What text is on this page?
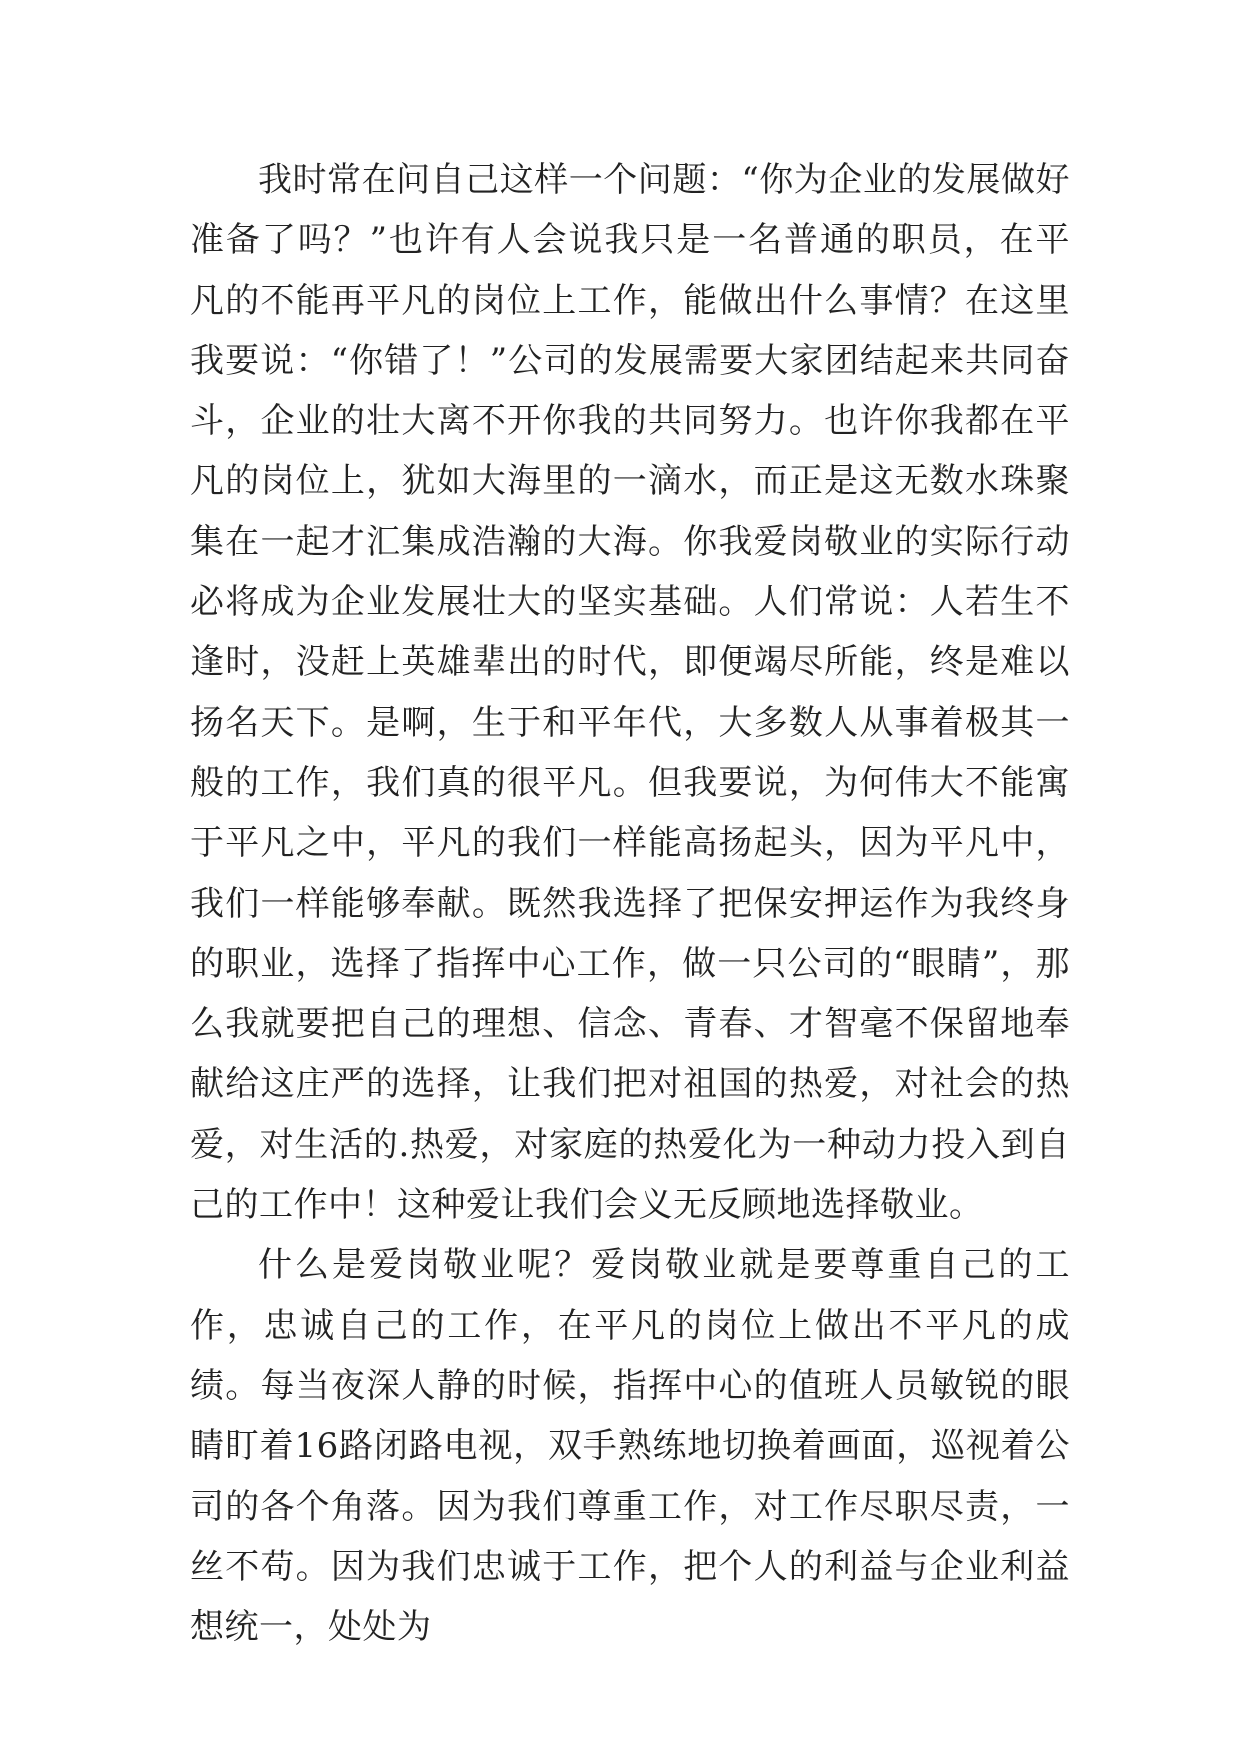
我时常在问自己这样一个问题：“你为企业的发展做好准备了吗？”也许有人会说我只是一名普通的职员，在平凡的不能再平凡的岗位上工作，能做出什么事情？在这里我要说：“你错了！”公司的发展需要大家团结起来共同奋斗，企业的壮大离不开你我的共同努力。也许你我都在平凡的岗位上，犹如大海里的一滴水，而正是这无数水珠聚集在一起才汇集成浩瀚的大海。你我爱岗敬业的实际行动必将成为企业发展壮大的坚实基础。人们常说：人若生不逢时，没赶上英雄辈出的时代，即便竭尽所能，终是难以扬名天下。是啊，生于和平年代，大多数人从事着极其一般的工作，我们真的很平凡。但我要说，为何伟大不能寓于平凡之中，平凡的我们一样能高扬起头，因为平凡中，我们一样能够奉献。既然我选择了把保安押运作为我终身的职业，选择了指挥中心工作，做一只公司的“眼睛”，那么我就要把自己的理想、信念、青春、才智毫不保留地奉献给这庄严的选择，让我们把对祖国的热爱，对社会的热爱，对生活的.热爱，对家庭的热爱化为一种动力投入到自己的工作中！这种爱让我们会义无反顾地选择敬业。

什么是爱岗敬业呢？爱岗敬业就是要尊重自己的工作，忠诚自己的工作，在平凡的岗位上做出不平凡的成绩。每当夜深人静的时候，指挥中心的值班人员敏锐的眼睛盯着16路闭路电视，双手熟练地切换着画面，巡视着公司的各个角落。因为我们尊重工作，对工作尽职尽责，一丝不苟。因为我们忠诚于工作，把个人的利益与企业利益想统一，处处为
